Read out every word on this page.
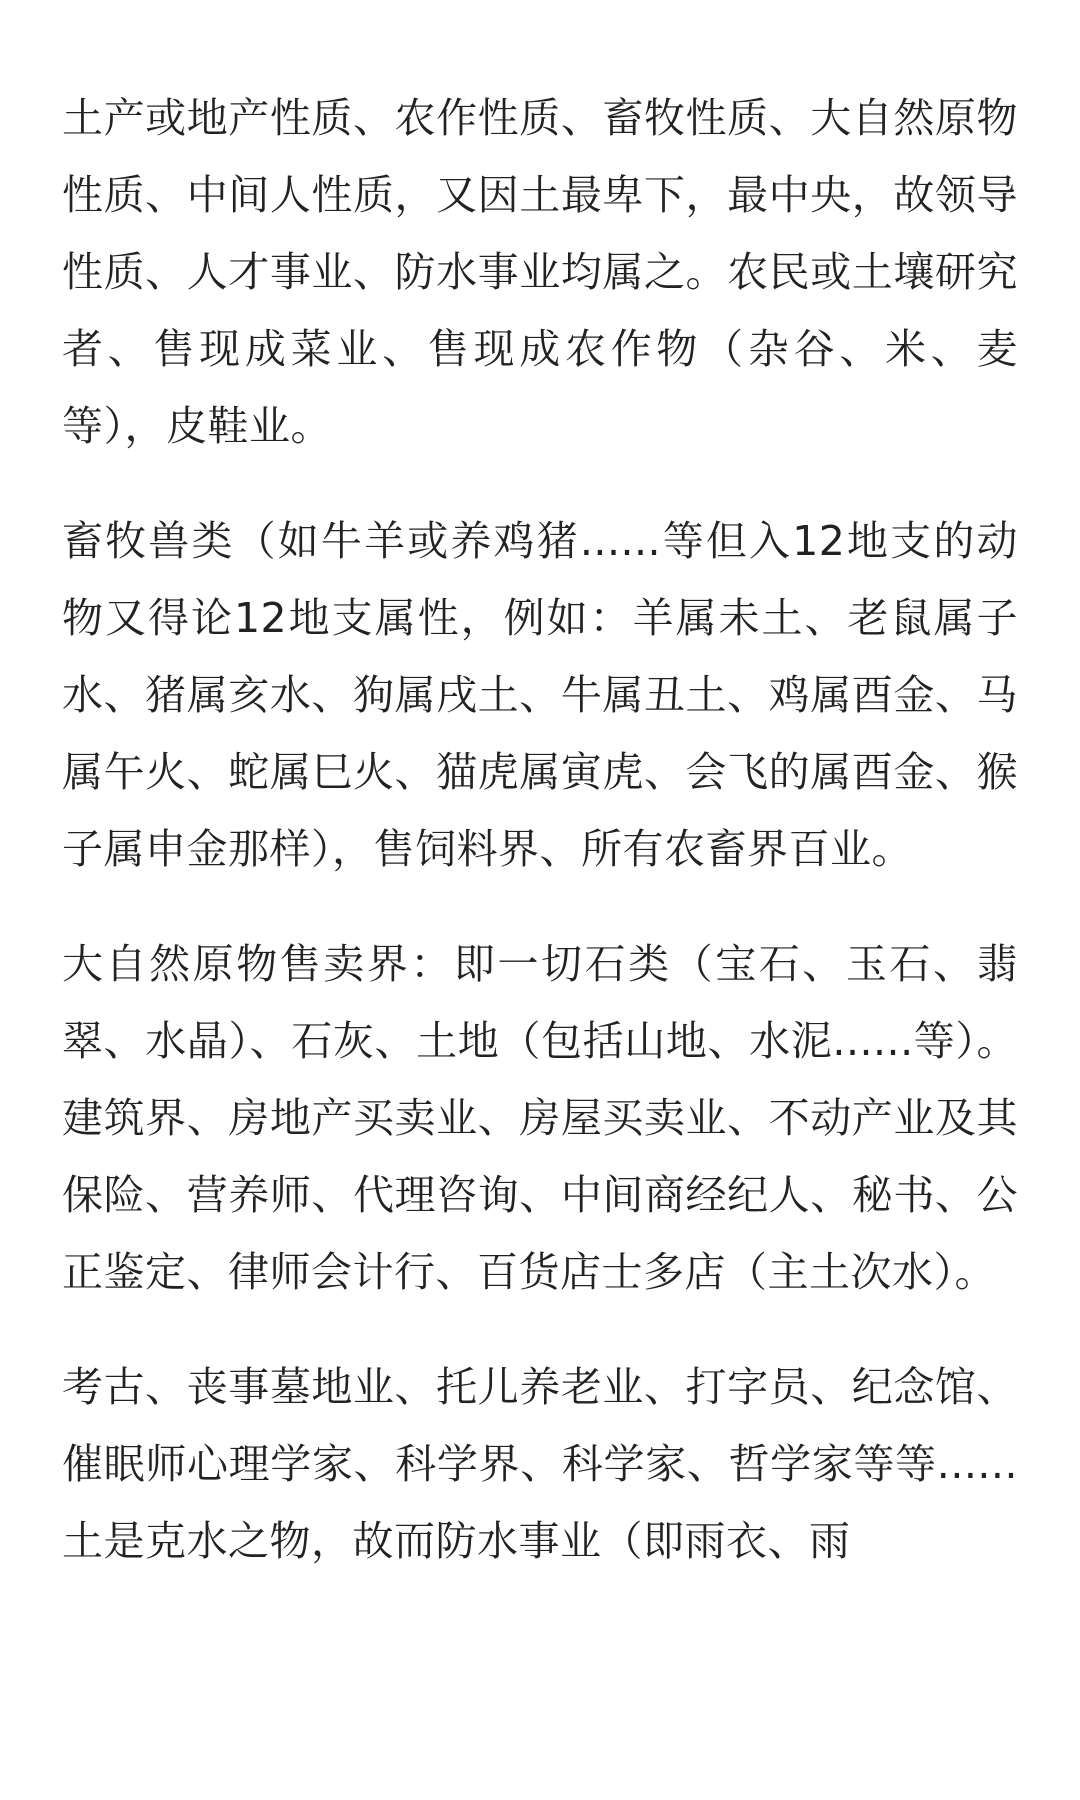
土产或地产性质、农作性质、畜牧性质、大自然原物性质、中间人性质，又因土最卑下，最中央，故领导性质、人才事业、防水事业均属之。农民或土壤研究者、售现成菜业、售现成农作物（杂谷、米、麦等），皮鞋业。

畜牧兽类（如牛羊或养鸡猪......等但入12地支的动物又得论12地支属性，例如：羊属未土、老鼠属子水、猪属亥水、狗属戌土、牛属丑土、鸡属酉金、马属午火、蛇属巳火、猫虎属寅虎、会飞的属酉金、猴子属申金那样），售饲料界、所有农畜界百业。

大自然原物售卖界：即一切石类（宝石、玉石、翡翠、水晶）、石灰、土地（包括山地、水泥......等）。建筑界、房地产买卖业、房屋买卖业、不动产业及其保险、营养师、代理咨询、中间商经纪人、秘书、公正鉴定、律师会计行、百货店士多店（主土次水）。

考古、丧事墓地业、托儿养老业、打字员、纪念馆、催眠师心理学家、科学界、科学家、哲学家等等......土是克水之物，故而防水事业（即雨衣、雨
